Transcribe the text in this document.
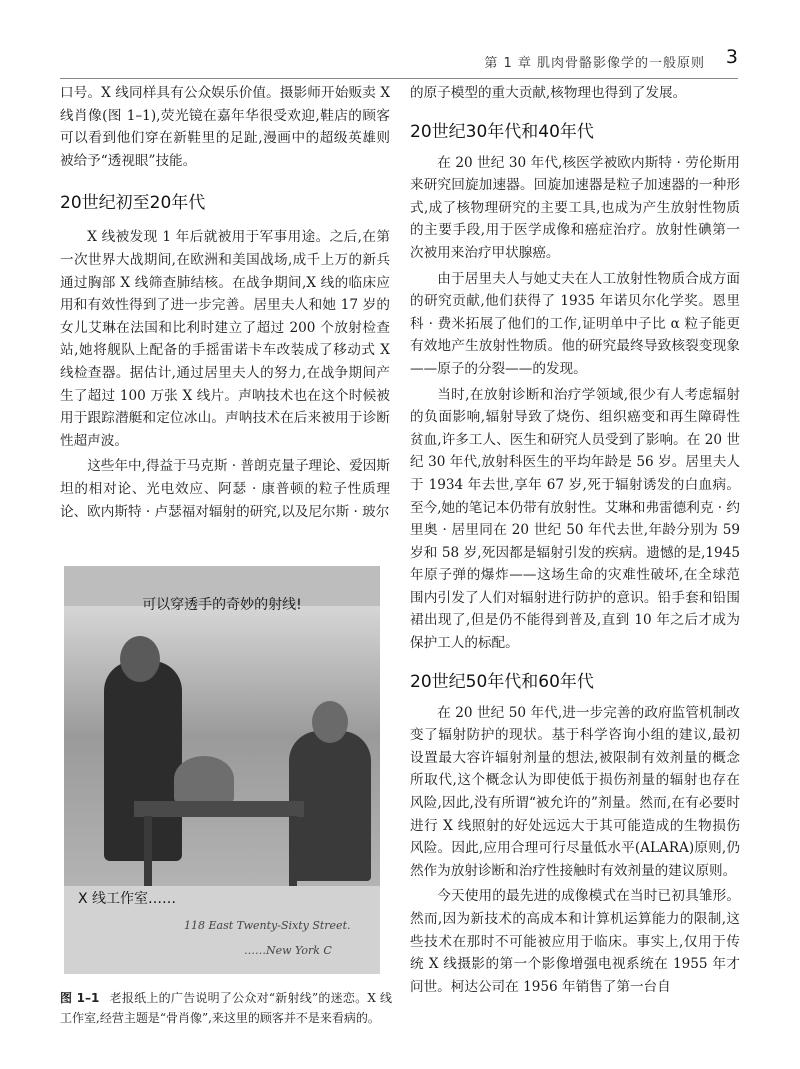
第 1 章 肌肉骨骼影像学的一般原则 3

口号。X 线同样具有公众娱乐价值。摄影师开始贩卖 X 线肖像(图 1–1),荧光镜在嘉年华很受欢迎,鞋店的顾客可以看到他们穿在新鞋里的足趾,漫画中的超级英雄则被给予“透视眼”技能。

20世纪初至20年代

X 线被发现 1 年后就被用于军事用途。之后,在第一次世界大战期间,在欧洲和美国战场,成千上万的新兵通过胸部 X 线筛查肺结核。在战争期间,X 线的临床应用和有效性得到了进一步完善。居里夫人和她 17 岁的女儿艾琳在法国和比利时建立了超过 200 个放射检查站,她将舰队上配备的手摇雷诺卡车改装成了移动式 X 线检查器。据估计,通过居里夫人的努力,在战争期间产生了超过 100 万张 X 线片。声呐技术也在这个时候被用于跟踪潜艇和定位冰山。声呐技术在后来被用于诊断性超声波。

这些年中,得益于马克斯 · 普朗克量子理论、爱因斯坦的相对论、光电效应、阿瑟 · 康普顿的粒子性质理论、欧内斯特 · 卢瑟福对辐射的研究,以及尼尔斯 · 玻尔

可以穿透手的奇妙的射线!
X 线工作室……
118 East Twenty-Sixty Street.
……New York C
图 1–1 老报纸上的广告说明了公众对“新射线”的迷恋。X 线工作室,经营主题是“骨肖像”,来这里的顾客并不是来看病的。

的原子模型的重大贡献,核物理也得到了发展。

20世纪30年代和40年代

在 20 世纪 30 年代,核医学被欧内斯特 · 劳伦斯用来研究回旋加速器。回旋加速器是粒子加速器的一种形式,成了核物理研究的主要工具,也成为产生放射性物质的主要手段,用于医学成像和癌症治疗。放射性碘第一次被用来治疗甲状腺癌。

由于居里夫人与她丈夫在人工放射性物质合成方面的研究贡献,他们获得了 1935 年诺贝尔化学奖。恩里科 · 费米拓展了他们的工作,证明单中子比 α 粒子能更有效地产生放射性物质。他的研究最终导致核裂变现象——原子的分裂——的发现。

当时,在放射诊断和治疗学领域,很少有人考虑辐射的负面影响,辐射导致了烧伤、组织癌变和再生障碍性贫血,许多工人、医生和研究人员受到了影响。在 20 世纪 30 年代,放射科医生的平均年龄是 56 岁。居里夫人于 1934 年去世,享年 67 岁,死于辐射诱发的白血病。至今,她的笔记本仍带有放射性。艾琳和弗雷德利克 · 约里奥 · 居里同在 20 世纪 50 年代去世,年龄分别为 59 岁和 58 岁,死因都是辐射引发的疾病。遗憾的是,1945 年原子弹的爆炸——这场生命的灾难性破坏,在全球范围内引发了人们对辐射进行防护的意识。铅手套和铅围裙出现了,但是仍不能得到普及,直到 10 年之后才成为保护工人的标配。

20世纪50年代和60年代

在 20 世纪 50 年代,进一步完善的政府监管机制改变了辐射防护的现状。基于科学咨询小组的建议,最初设置最大容许辐射剂量的想法,被限制有效剂量的概念所取代,这个概念认为即使低于损伤剂量的辐射也存在风险,因此,没有所谓“被允许的”剂量。然而,在有必要时进行 X 线照射的好处远远大于其可能造成的生物损伤风险。因此,应用合理可行尽量低水平(ALARA)原则,仍然作为放射诊断和治疗性接触时有效剂量的建议原则。

今天使用的最先进的成像模式在当时已初具雏形。然而,因为新技术的高成本和计算机运算能力的限制,这些技术在那时不可能被应用于临床。事实上,仅用于传统 X 线摄影的第一个影像增强电视系统在 1955 年才问世。柯达公司在 1956 年销售了第一台自
